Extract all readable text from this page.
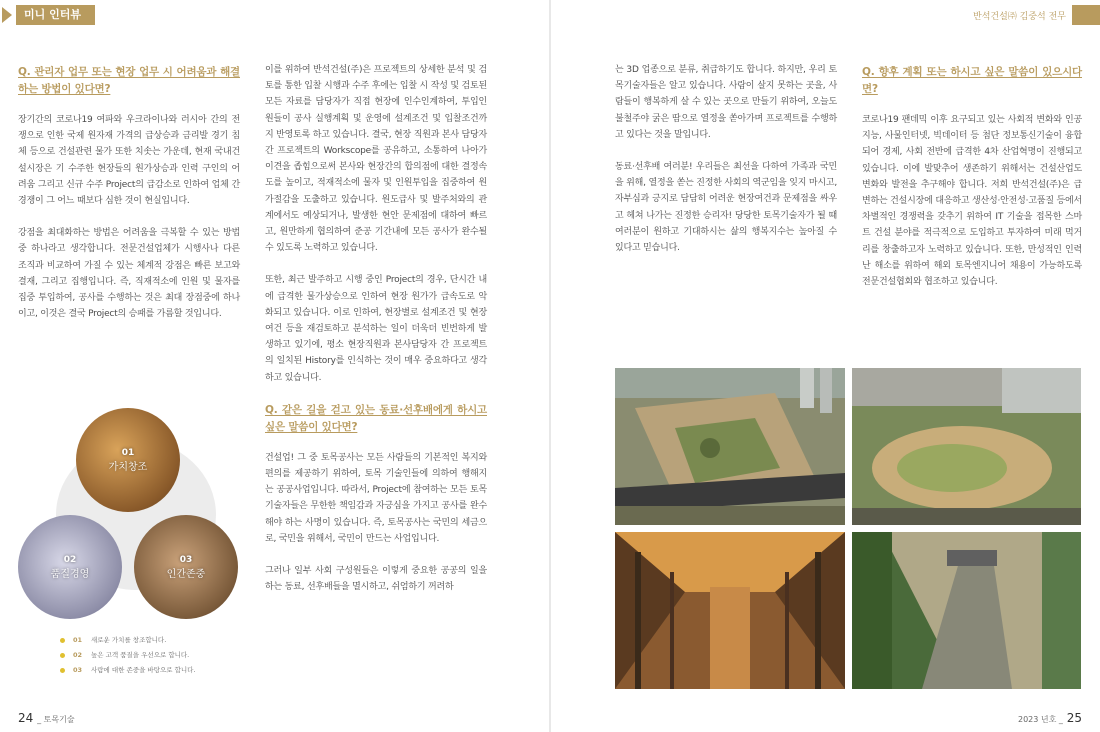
미니 인터뷰	반석건설㈜ 김중석 전무
Q. 관리자 업무 또는 현장 업무 시 어려움과 해결하는 방법이 있다면?

장기간의 코로나19 여파와 우크라이나와 러시아 간의 전쟁으로 인한 국제 원자재 가격의 급상승과 금리발 경기 침체 등으로 건설관련 물가 또한 치솟는 가운데, 현재 국내건설시장은 기 수주한 현장들의 원가상승과 인력 구인의 어려움 그리고 신규 수주 Project의 급감소로 인하여 업체 간 경쟁이 그 어느 때보다 심한 것이 현실입니다.

강점을 최대화하는 방법은 어려움을 극복할 수 있는 방법 중 하나라고 생각합니다. 전문건설업체가 시행사나 다른 조직과 비교하여 가질 수 있는 체계적 강점은 빠른 보고와 결재, 그리고 집행입니다. 즉, 직재적소에 인원 및 물자를 집중 투입하여, 공사를 수행하는 것은 최대 장점중에 하나이고, 이것은 결국 Project의 승패를 가름할 것입니다.

01
가치창조
02
품질경영
03
인간존중
01	새로운 가치를 창조합니다.
02	높은 고객 품질을 우선으로 합니다.
03	사람에 대한 존중을 바탕으로 합니다.

이를 위하여 반석건설(주)은 프로젝트의 상세한 분석 및 검토를 통한 입찰 시행과 수주 후에는 입찰 시 작성 및 검토된 모든 자료를 담당자가 직접 현장에 인수인계하여, 투입인원들이 공사 실행계획 및 운영에 설계조건 및 입찰조건까지 반영토록 하고 있습니다. 결국, 현장 직원과 본사 담당자 간 프로젝트의 Workscope를 공유하고, 소통하여 나아가 이견을 좁힘으로써 본사와 현장간의 합의점에 대한 결정속도를 높이고, 적재적소에 물자 및 인원투입을 집중하여 원가절감을 도출하고 있습니다. 원도급사 및 발주처와의 관계에서도 예상되거나, 발생한 현안 문제점에 대하여 빠르고, 원만하게 협의하여 준공 기간내에 모든 공사가 완수될 수 있도록 노력하고 있습니다.

또한, 최근 발주하고 시행 중인 Project의 경우, 단시간 내에 급격한 물가상승으로 인하여 현장 원가가 급속도로 악화되고 있습니다. 이로 인하여, 현장별로 설계조건 및 현장여건 등을 재검토하고 분석하는 일이 더욱더 빈번하게 발생하고 있기에, 평소 현장직원과 본사담당자 간 프로젝트의 일치된 History를 인식하는 것이 매우 중요하다고 생각하고 있습니다.

Q. 같은 길을 걷고 있는 동료·선후배에게 하시고 싶은 말씀이 있다면?

건설업! 그 중 토목공사는 모든 사람들의 기본적인 복지와 편의를 제공하기 위하여, 토목 기술인들에 의하여 행해지는 공공사업입니다. 따라서, Project에 참여하는 모든 토목 기술자들은 무한한 책임감과 자긍심을 가지고 공사를 완수해야 하는 사명이 있습니다. 즉, 토목공사는 국민의 세금으로, 국민을 위해서, 국민이 만드는 사업입니다.

그러나 일부 사회 구성원들은 이렇게 중요한 공공의 일을 하는 동료, 선후배들을 멸시하고, 쉬엄하기 꺼려하

는 3D 업종으로 분류, 취급하기도 합니다. 하지만, 우리 토목기술자들은 알고 있습니다. 사람이 살지 못하는 곳을, 사람들이 행복하게 살 수 있는 곳으로 만들기 위하여, 오늘도 불철주야 굵은 땀으로 열정을 쏟아가며 프로젝트를 수행하고 있다는 것을 말입니다.

동료·선후배 여러분! 우리들은 최선을 다하여 가족과 국민을 위해, 열정을 쏟는 진정한 사회의 역군임을 잊지 마시고, 자부심과 긍지로 담담히 어려운 현장여건과 문제점을 싸우고 헤쳐 나가는 진정한 승리자! 당당한 토목기술자가 될 때 여러분이 원하고 기대하시는 삶의 행복지수는 높아질 수 있다고 믿습니다.

Q. 향후 계획 또는 하시고 싶은 말씀이 있으시다면?

코로나19 팬데믹 이후 요구되고 있는 사회적 변화와 인공지능, 사물인터넷, 빅데이터 등 첨단 정보통신기술이 융합되어 경제, 사회 전반에 급격한 4차 산업혁명이 진행되고 있습니다. 이에 발맞추어 생존하기 위해서는 건설산업도 변화와 발전을 추구해야 합니다. 저희 반석건설(주)은 급변하는 건설시장에 대응하고 생산성·안전성·고품질 등에서 차별적인 경쟁력을 갖추기 위하여 IT 기술을 접목한 스마트 건설 분야를 적극적으로 도입하고 투자하여 미래 먹거리를 창출하고자 노력하고 있습니다. 또한, 만성적인 인력난 해소를 위하여 해외 토목엔지니어 채용이 가능하도록 전문건설협회와 협조하고 있습니다.

24 _ 토목기술	2023 년호 _ 25
